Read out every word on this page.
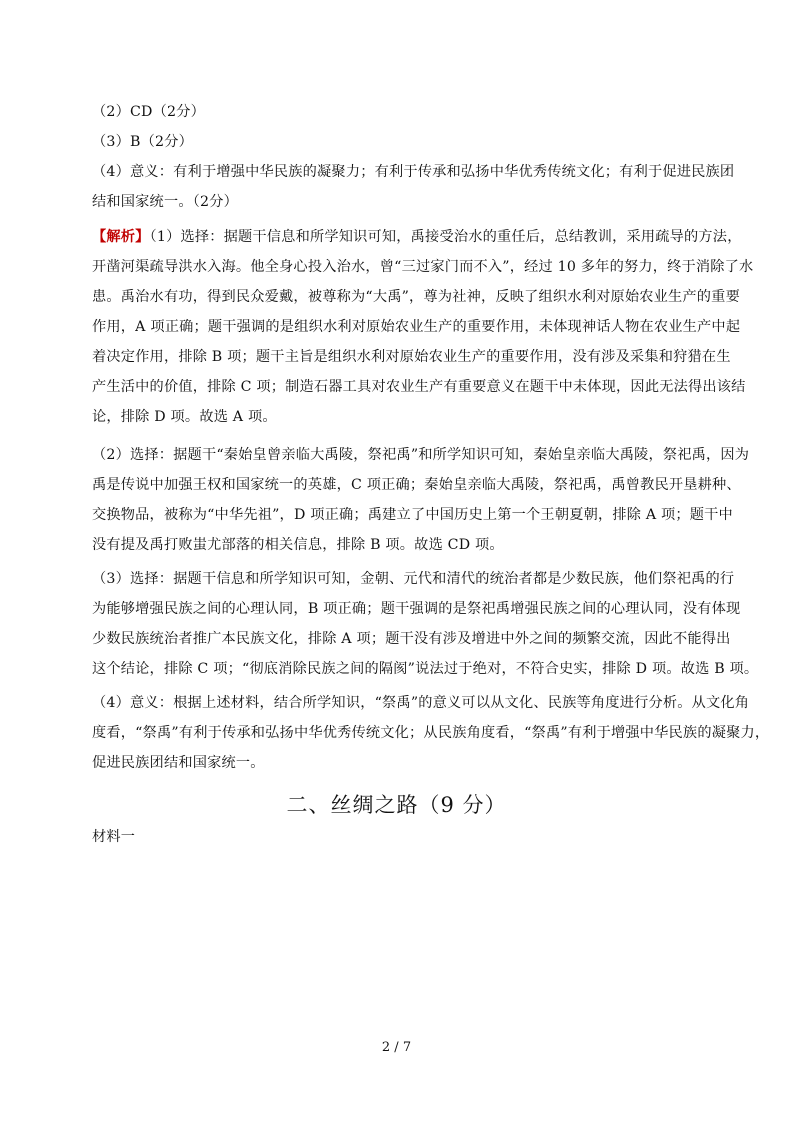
（2）CD（2分）
（3）B（2分）
（4）意义：有利于增强中华民族的凝聚力；有利于传承和弘扬中华优秀传统文化；有利于促进民族团
结和国家统一。（2分）
【解析】（1）选择：据题干信息和所学知识可知，禹接受治水的重任后，总结教训，采用疏导的方法，
开凿河渠疏导洪水入海。他全身心投入治水，曾“三过家门而不入”，经过 10 多年的努力，终于消除了水
患。禹治水有功，得到民众爱戴，被尊称为“大禹”，尊为社神，反映了组织水利对原始农业生产的重要
作用，A 项正确；题干强调的是组织水利对原始农业生产的重要作用，未体现神话人物在农业生产中起
着决定作用，排除 B 项；题干主旨是组织水利对原始农业生产的重要作用，没有涉及采集和狩猎在生
产生活中的价值，排除 C 项；制造石器工具对农业生产有重要意义在题干中未体现，因此无法得出该结
论，排除 D 项。故选 A 项。
（2）选择：据题干“秦始皇曾亲临大禹陵，祭祀禹”和所学知识可知，秦始皇亲临大禹陵，祭祀禹，因为
禹是传说中加强王权和国家统一的英雄，C 项正确；秦始皇亲临大禹陵，祭祀禹，禹曾教民开垦耕种、
交换物品，被称为“中华先祖”，D 项正确；禹建立了中国历史上第一个王朝夏朝，排除 A 项；题干中
没有提及禹打败蚩尤部落的相关信息，排除 B 项。故选 CD 项。
（3）选择：据题干信息和所学知识可知，金朝、元代和清代的统治者都是少数民族，他们祭祀禹的行
为能够增强民族之间的心理认同，B 项正确；题干强调的是祭祀禹增强民族之间的心理认同，没有体现
少数民族统治者推广本民族文化，排除 A 项；题干没有涉及增进中外之间的频繁交流，因此不能得出
这个结论，排除 C 项；“彻底消除民族之间的隔阂”说法过于绝对，不符合史实，排除 D 项。故选 B 项。
（4）意义：根据上述材料，结合所学知识，“祭禹”的意义可以从文化、民族等角度进行分析。从文化角
度看，“祭禹”有利于传承和弘扬中华优秀传统文化；从民族角度看，“祭禹”有利于增强中华民族的凝聚力，
促进民族团结和国家统一。
二、丝绸之路（9 分）
材料一
2 / 7
